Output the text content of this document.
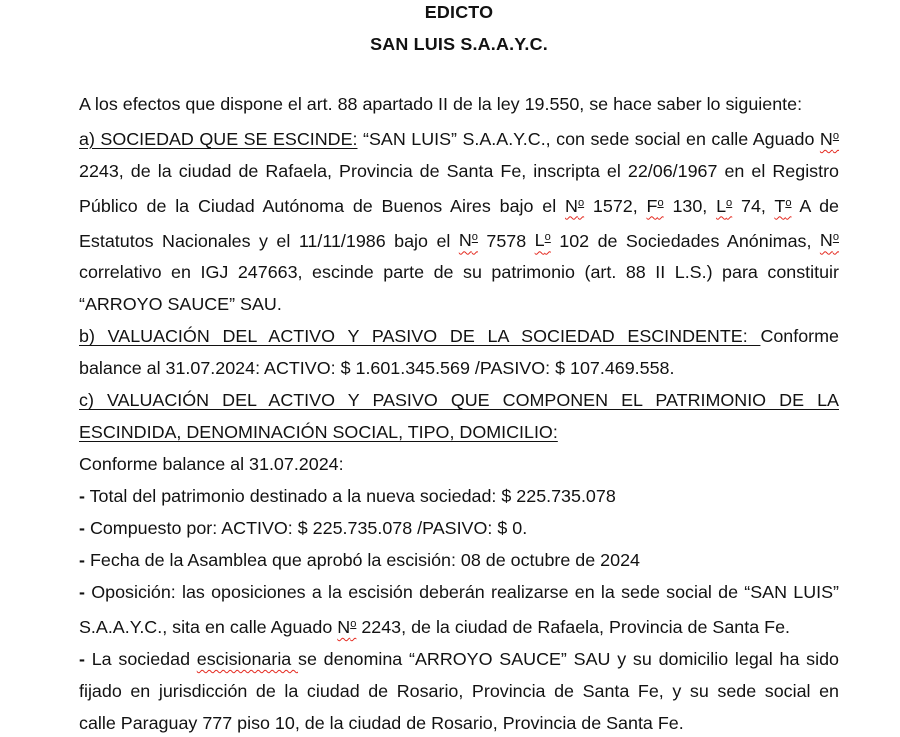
EDICTO
SAN LUIS S.A.A.Y.C.
A los efectos que dispone el art. 88 apartado II de la ley 19.550, se hace saber lo siguiente:
a) SOCIEDAD QUE SE ESCINDE: “SAN LUIS” S.A.A.Y.C., con sede social en calle Aguado $N^o$
2243, de la ciudad de Rafaela, Provincia de Santa Fe, inscripta el 22/06/1967 en el Registro
Público de la Ciudad Autónoma de Buenos Aires bajo el $N^o$ 1572, $F^o$ 130, $L^o$ 74, $T^o$ A de
Estatutos Nacionales y el 11/11/1986 bajo el $N^o$ 7578 $L^o$ 102 de Sociedades Anónimas, $N^o$
correlativo en IGJ 247663, escinde parte de su patrimonio (art. 88 II L.S.) para constituir
“ARROYO SAUCE” SAU.
b) VALUACIÓN DEL ACTIVO Y PASIVO DE LA SOCIEDAD ESCINDENTE: Conforme
balance al 31.07.2024: ACTIVO: $ 1.601.345.569 /PASIVO: $ 107.469.558.
c) VALUACIÓN DEL ACTIVO Y PASIVO QUE COMPONEN EL PATRIMONIO DE LA
ESCINDIDA, DENOMINACIÓN SOCIAL, TIPO, DOMICILIO:
Conforme balance al 31.07.2024:
- Total del patrimonio destinado a la nueva sociedad: $ 225.735.078
- Compuesto por: ACTIVO: $ 225.735.078 /PASIVO: $ 0.
- Fecha de la Asamblea que aprobó la escisión: 08 de octubre de 2024
- Oposición: las oposiciones a la escisión deberán realizarse en la sede social de “SAN LUIS”
S.A.A.Y.C., sita en calle Aguado $N^o$ 2243, de la ciudad de Rafaela, Provincia de Santa Fe.
- La sociedad escisionaria se denomina “ARROYO SAUCE” SAU y su domicilio legal ha sido
fijado en jurisdicción de la ciudad de Rosario, Provincia de Santa Fe, y su sede social en
calle Paraguay 777 piso 10, de la ciudad de Rosario, Provincia de Santa Fe.
